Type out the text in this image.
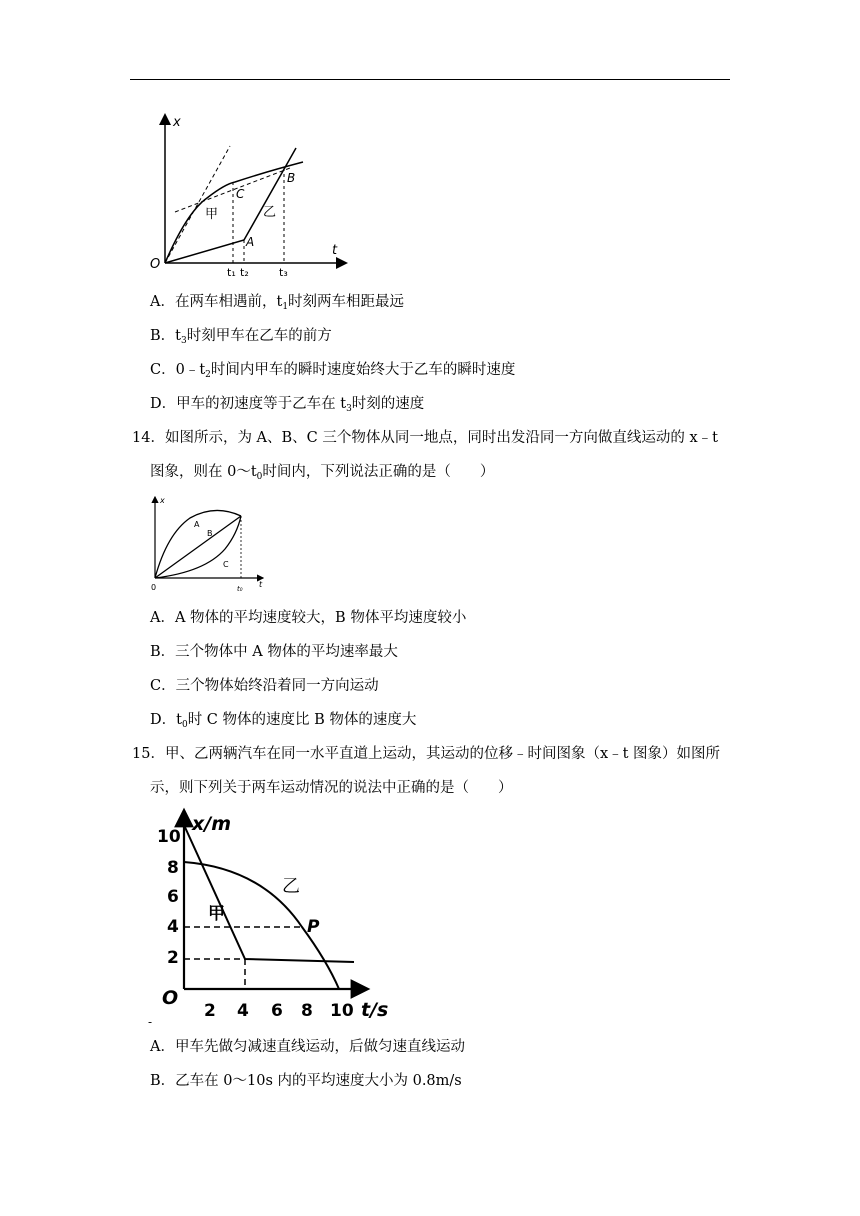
x
t
O
甲	乙
C
B
A
t₁ t₂	t₃
A．在两车相遇前，$t_1$时刻两车相距最远
B．$t_3$时刻甲车在乙车的前方
C．$0﹣t_2$时间内甲车的瞬时速度始终大于乙车的瞬时速度
D．甲车的初速度等于乙车在 $t_3$时刻的速度
14．如图所示，为 A、B、C 三个物体从同一地点，同时出发沿同一方向做直线运动的 x﹣t
图象，则在 $0\sim t_0$时间内，下列说法正确的是（　　）
x
t
0
A
B
C
t₀
A．A 物体的平均速度较大，B 物体平均速度较小
B．三个物体中 A 物体的平均速率最大
C．三个物体始终沿着同一方向运动
D．$t_0$时 C 物体的速度比 B 物体的速度大
15．甲、乙两辆汽车在同一水平直道上运动，其运动的位移﹣时间图象（x﹣t 图象）如图所
示，则下列关于两车运动情况的说法中正确的是（　　）
x/m
t/s
O
10
8
6
4
2
2 4 6 8 10
甲
乙
P
-
A．甲车先做匀减速直线运动，后做匀速直线运动
B．乙车在 0～10s 内的平均速度大小为 0.8m/s
